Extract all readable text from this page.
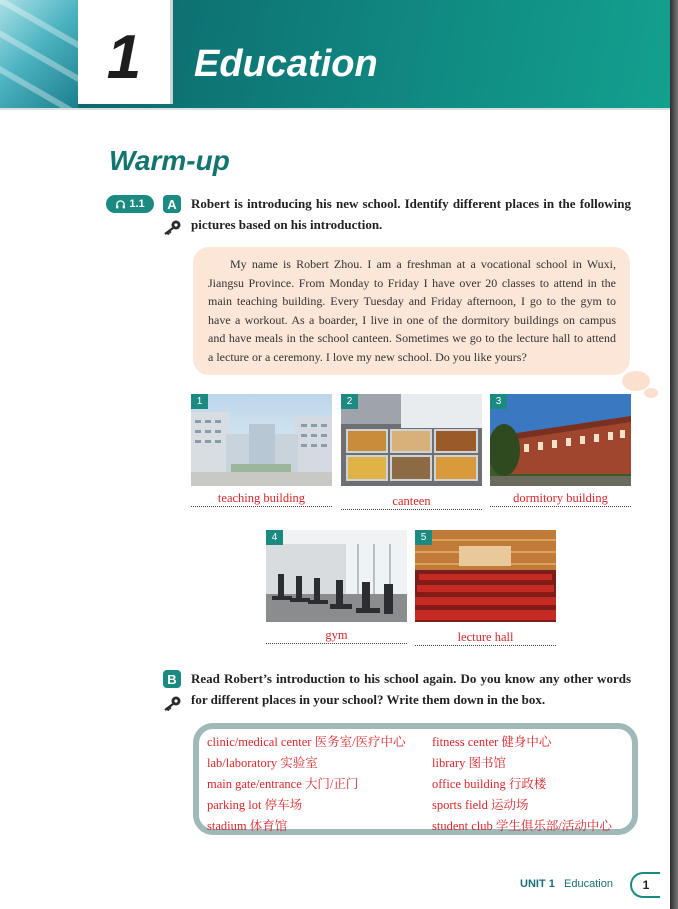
1	Education
Warm-up
1.1	A	Robert is introducing his new school. Identify different places in the following pictures based on his introduction.
My name is Robert Zhou. I am a freshman at a vocational school in Wuxi, Jiangsu Province. From Monday to Friday I have over 20 classes to attend in the main teaching building. Every Tuesday and Friday afternoon, I go to the gym to have a workout. As a boarder, I live in one of the dormitory buildings on campus and have meals in the school canteen. Sometimes we go to the lecture hall to attend a lecture or a ceremony. I love my new school. Do you like yours?
1
teaching building
2
canteen
3
dormitory building
4
gym
5
lecture hall
B	Read Robert’s introduction to his school again. Do you know any other words for different places in your school? Write them down in the box.
clinic/medical center 医务室/医疗中心
lab/laboratory 实验室
main gate/entrance 大门/正门
parking lot 停车场
stadium 体育馆
fitness center 健身中心
library 图书馆
office building 行政楼
sports field 运动场
student club 学生俱乐部/活动中心
UNIT 1 Education	1
